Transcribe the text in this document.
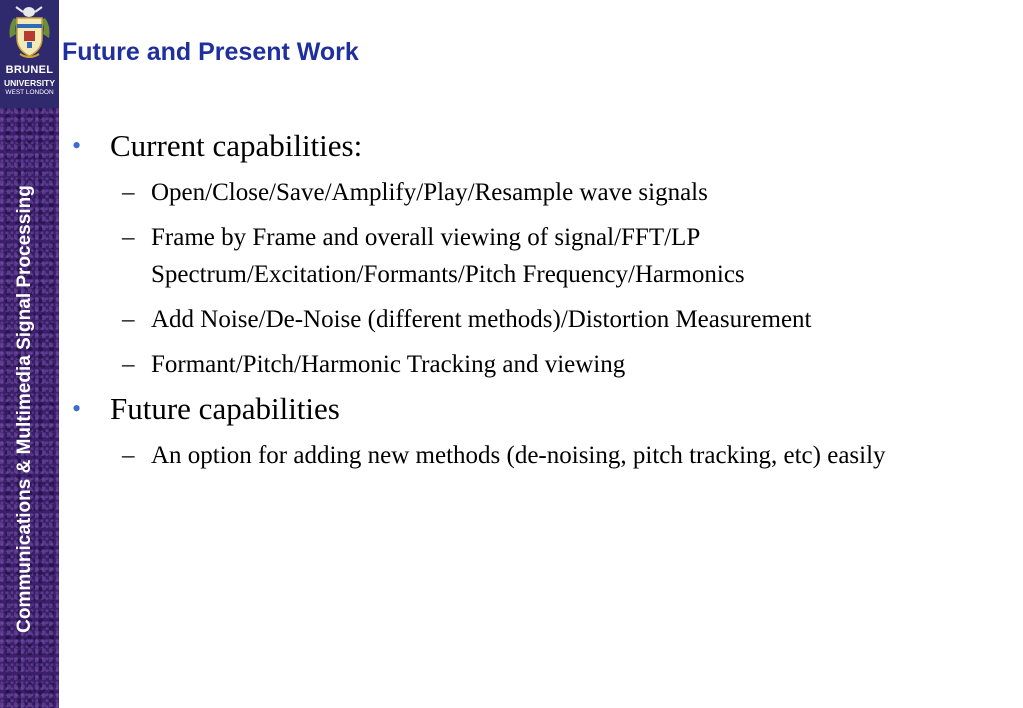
BRUNEL
UNIVERSITY
WEST LONDON
Communications & Multimedia Signal Processing
Future and Present Work
• Current capabilities:
– Open/Close/Save/Amplify/Play/Resample wave signals
– Frame by Frame and overall viewing of signal/FFT/LP Spectrum/Excitation/Formants/Pitch Frequency/Harmonics
– Add Noise/De-Noise (different methods)/Distortion Measurement
– Formant/Pitch/Harmonic Tracking and viewing
• Future capabilities
– An option for adding new methods (de-noising, pitch tracking, etc) easily
